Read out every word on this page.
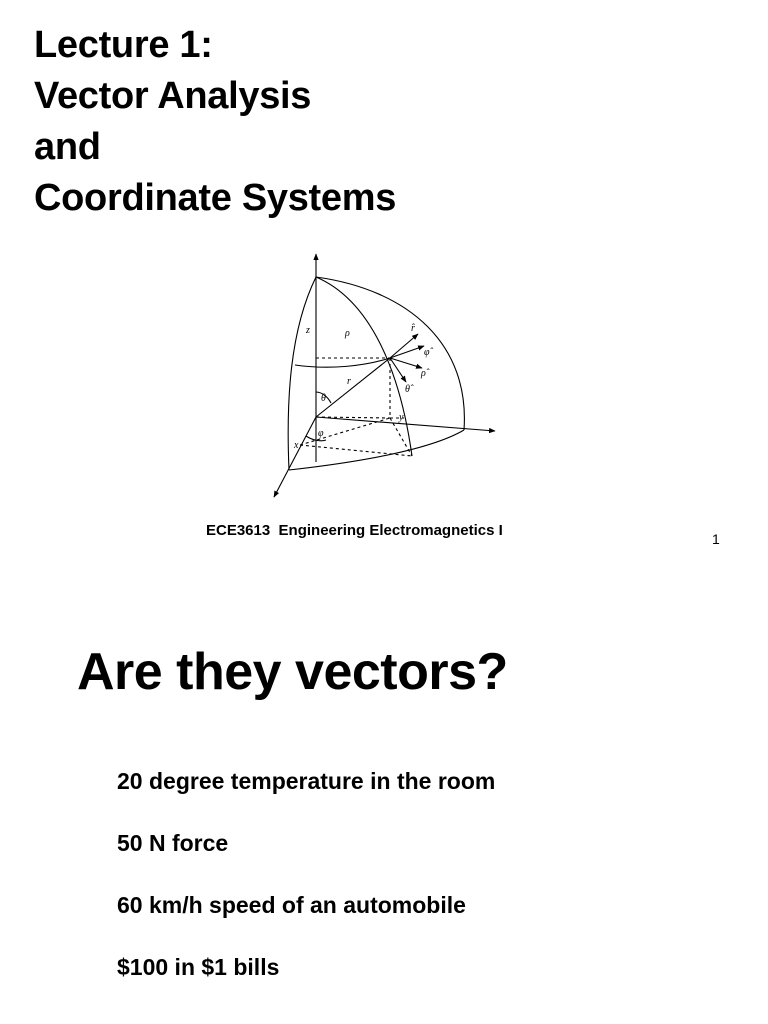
Lecture 1:
Vector Analysis
and
Coordinate Systems
z	ρ
r
θ
φ
x
y
r̂
φ̂
ρ̂
θ̂
ECE3613  Engineering Electromagnetics I	1
Are they vectors?
20 degree temperature in the room
50 N force
60 km/h speed of an automobile
$100 in $1 bills
